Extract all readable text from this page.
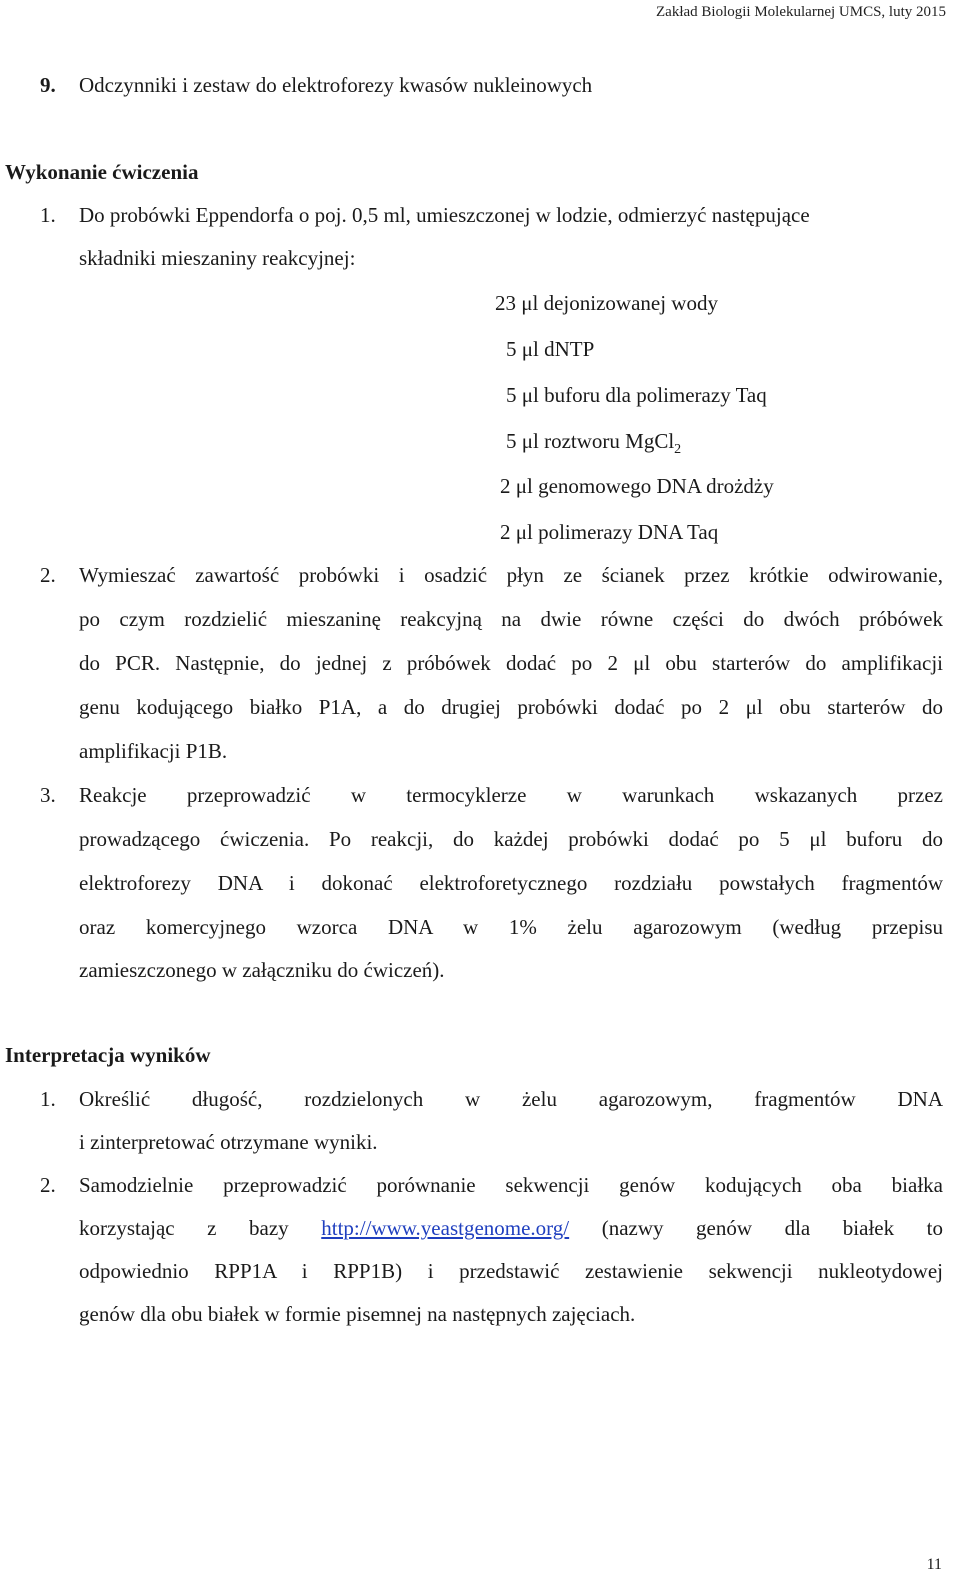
Zakład Biologii Molekularnej UMCS, luty 2015
9. Odczynniki i zestaw do elektroforezy kwasów nukleinowych
Wykonanie ćwiczenia
1. Do probówki Eppendorfa o poj. 0,5 ml, umieszczonej w lodzie, odmierzyć następujące
składniki mieszaniny reakcyjnej:
23 μl dejonizowanej wody
5 μl dNTP
5 μl buforu dla polimerazy Taq
5 μl roztworu MgCl$_2$
2 μl genomowego DNA drożdży
2 μl polimerazy DNA Taq
2. Wymieszać zawartość probówki i osadzić płyn ze ścianek przez krótkie odwirowanie,
po czym rozdzielić mieszaninę reakcyjną na dwie równe części do dwóch próbówek
do PCR. Następnie, do jednej z próbówek dodać po 2 μl obu starterów do amplifikacji
genu kodującego białko P1A, a do drugiej probówki dodać po 2 μl obu starterów do
amplifikacji P1B.
3. Reakcje przeprowadzić w termocyklerze w warunkach wskazanych przez
prowadzącego ćwiczenia. Po reakcji, do każdej probówki dodać po 5 μl buforu do
elektroforezy DNA i dokonać elektroforetycznego rozdziału powstałych fragmentów
oraz komercyjnego wzorca DNA w 1% żelu agarozowym (według przepisu
zamieszczonego w załączniku do ćwiczeń).
Interpretacja wyników
1. Określić długość, rozdzielonych w żelu agarozowym, fragmentów DNA
i zinterpretować otrzymane wyniki.
2. Samodzielnie przeprowadzić porównanie sekwencji genów kodujących oba białka
korzystając z bazy http://www.yeastgenome.org/ (nazwy genów dla białek to
odpowiednio RPP1A i RPP1B) i przedstawić zestawienie sekwencji nukleotydowej
genów dla obu białek w formie pisemnej na następnych zajęciach.
11
